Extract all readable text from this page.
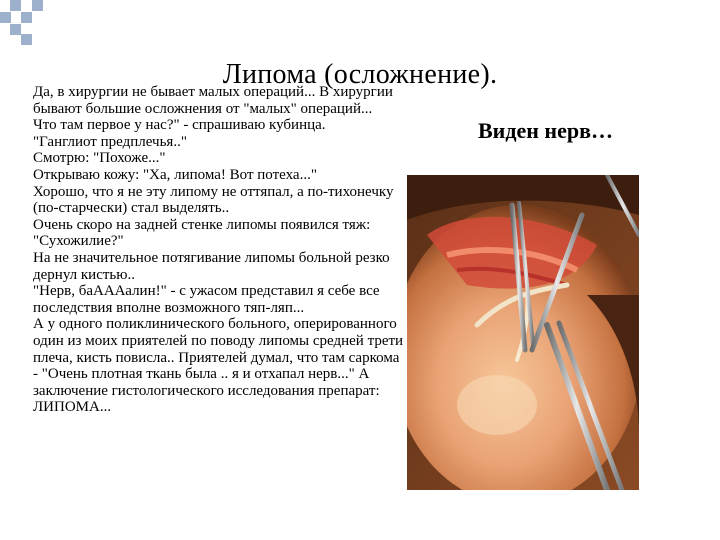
Липома (осложнение).

Да, в хирургии не бывает малых операций... В хирургии бывают большие осложнения от "малых" операций...
Что там первое у нас?" - спрашиваю кубинца.
"Ганглиот предплечья.."
Смотрю: "Похоже..."
Открываю кожу: "Ха, липома! Вот потеха..."
Хорошо, что я не эту липому не оттяпал, а по-тихонечку (по-старчески) стал выделять..
Очень скоро на задней стенке липомы появился тяж: "Сухожилие?"
На не значительное потягивание липомы больной резко дернул кистью..
"Нерв, баАААалин!" - с ужасом представил я себе все последствия вполне возможного тяп-ляп...
А у одного поликлинического больного, оперированного один из моих приятелей по поводу липомы средней трети плеча, кисть повисла.. Приятелей думал, что там саркома - "Очень плотная ткань была .. я и отхапал нерв..." А заключение гистологического исследования препарат: ЛИПОМА...

Виден нерв…
